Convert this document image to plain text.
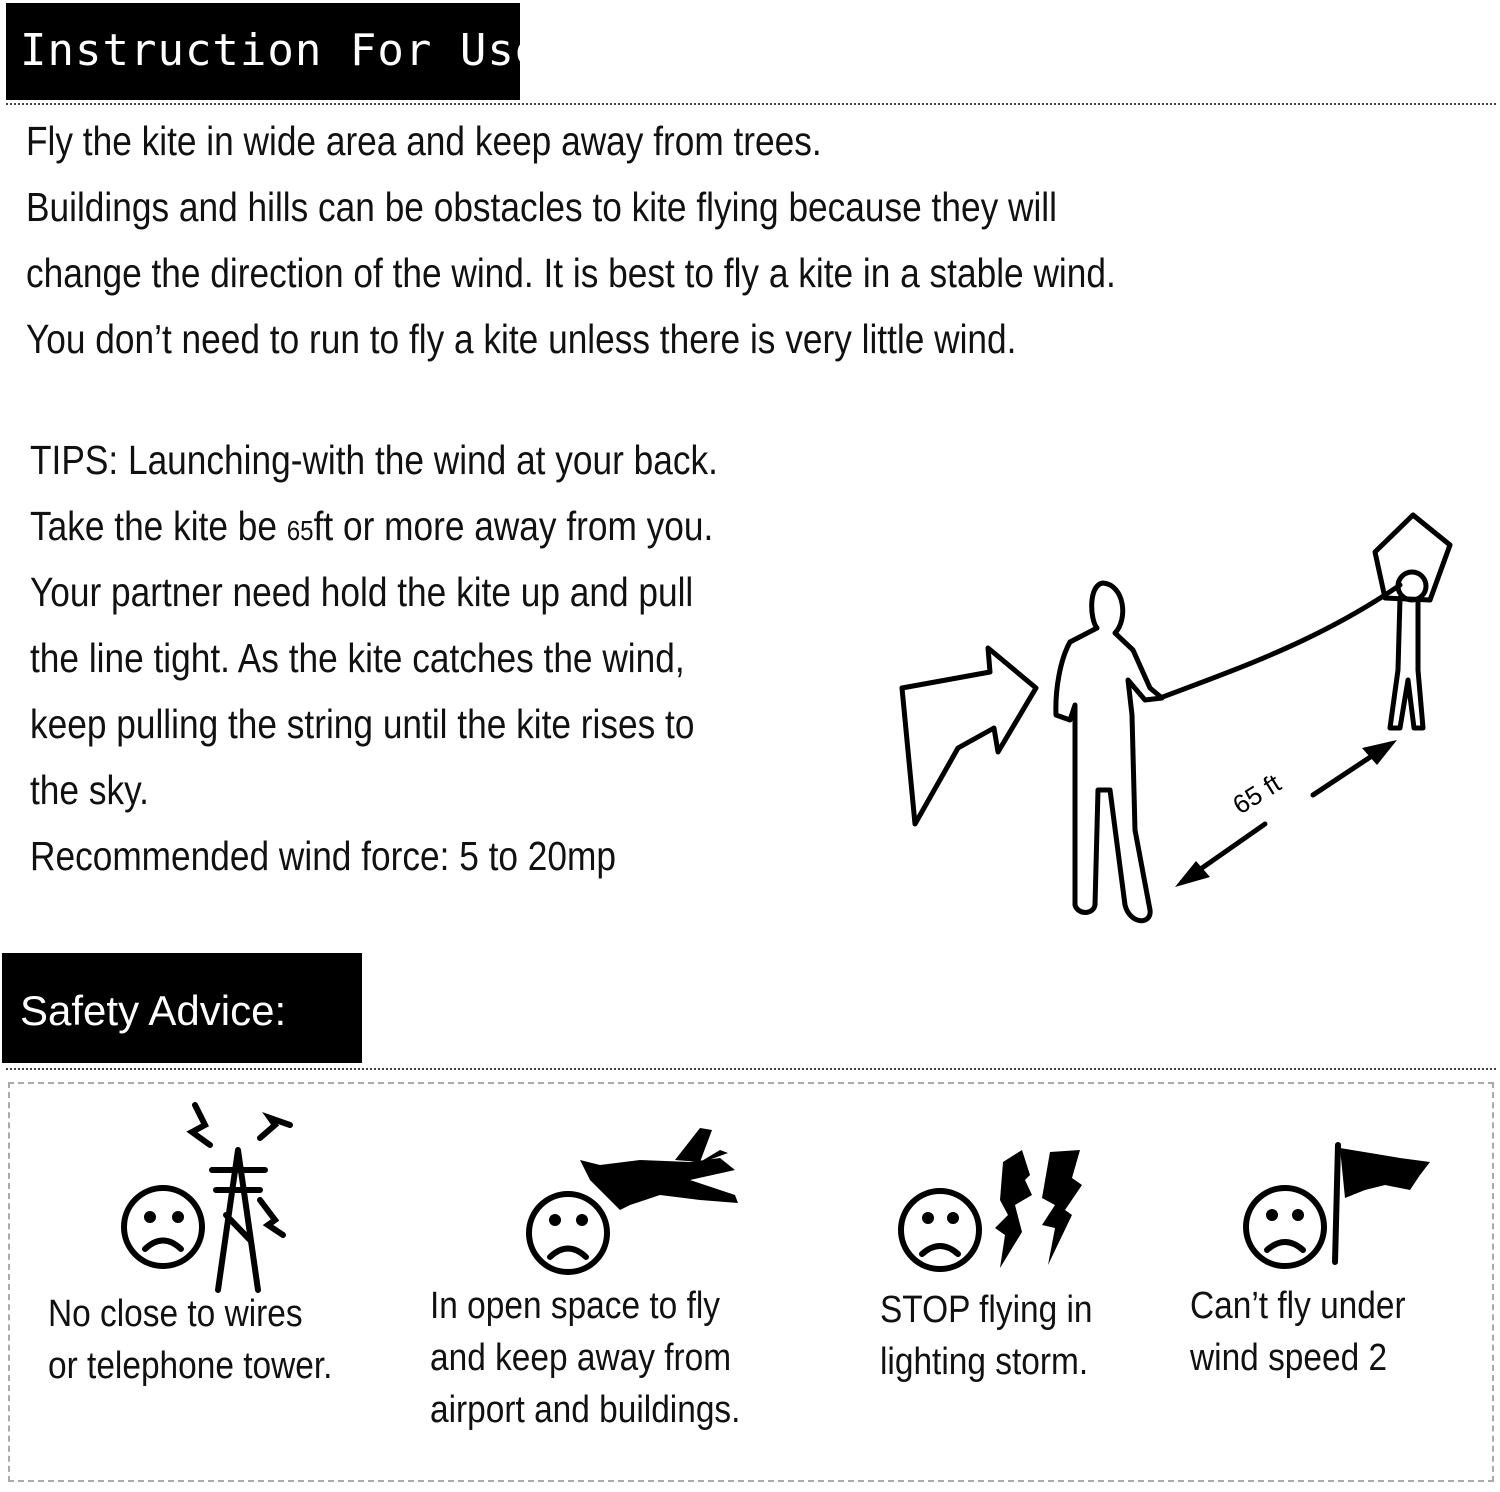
Instruction For Use:
Fly the kite in wide area and keep away from trees.
Buildings and hills can be obstacles to kite flying because they will
change the direction of the wind. It is best to fly a kite in a stable wind.
You don’t need to run to fly a kite unless there is very little wind.
TIPS: Launching-with the wind at your back.
Take the kite be 65ft or more away from you.
Your partner need hold the kite up and pull
the line tight. As the kite catches the wind,
keep pulling the string until the kite rises to
the sky.
Recommended wind force: 5 to 20mp
65 ft
Safety Advice:
No close to wires
or telephone tower.
In open space to fly
and keep away from
airport and buildings.
STOP flying in
lighting storm.
Can’t fly under
wind speed 2
